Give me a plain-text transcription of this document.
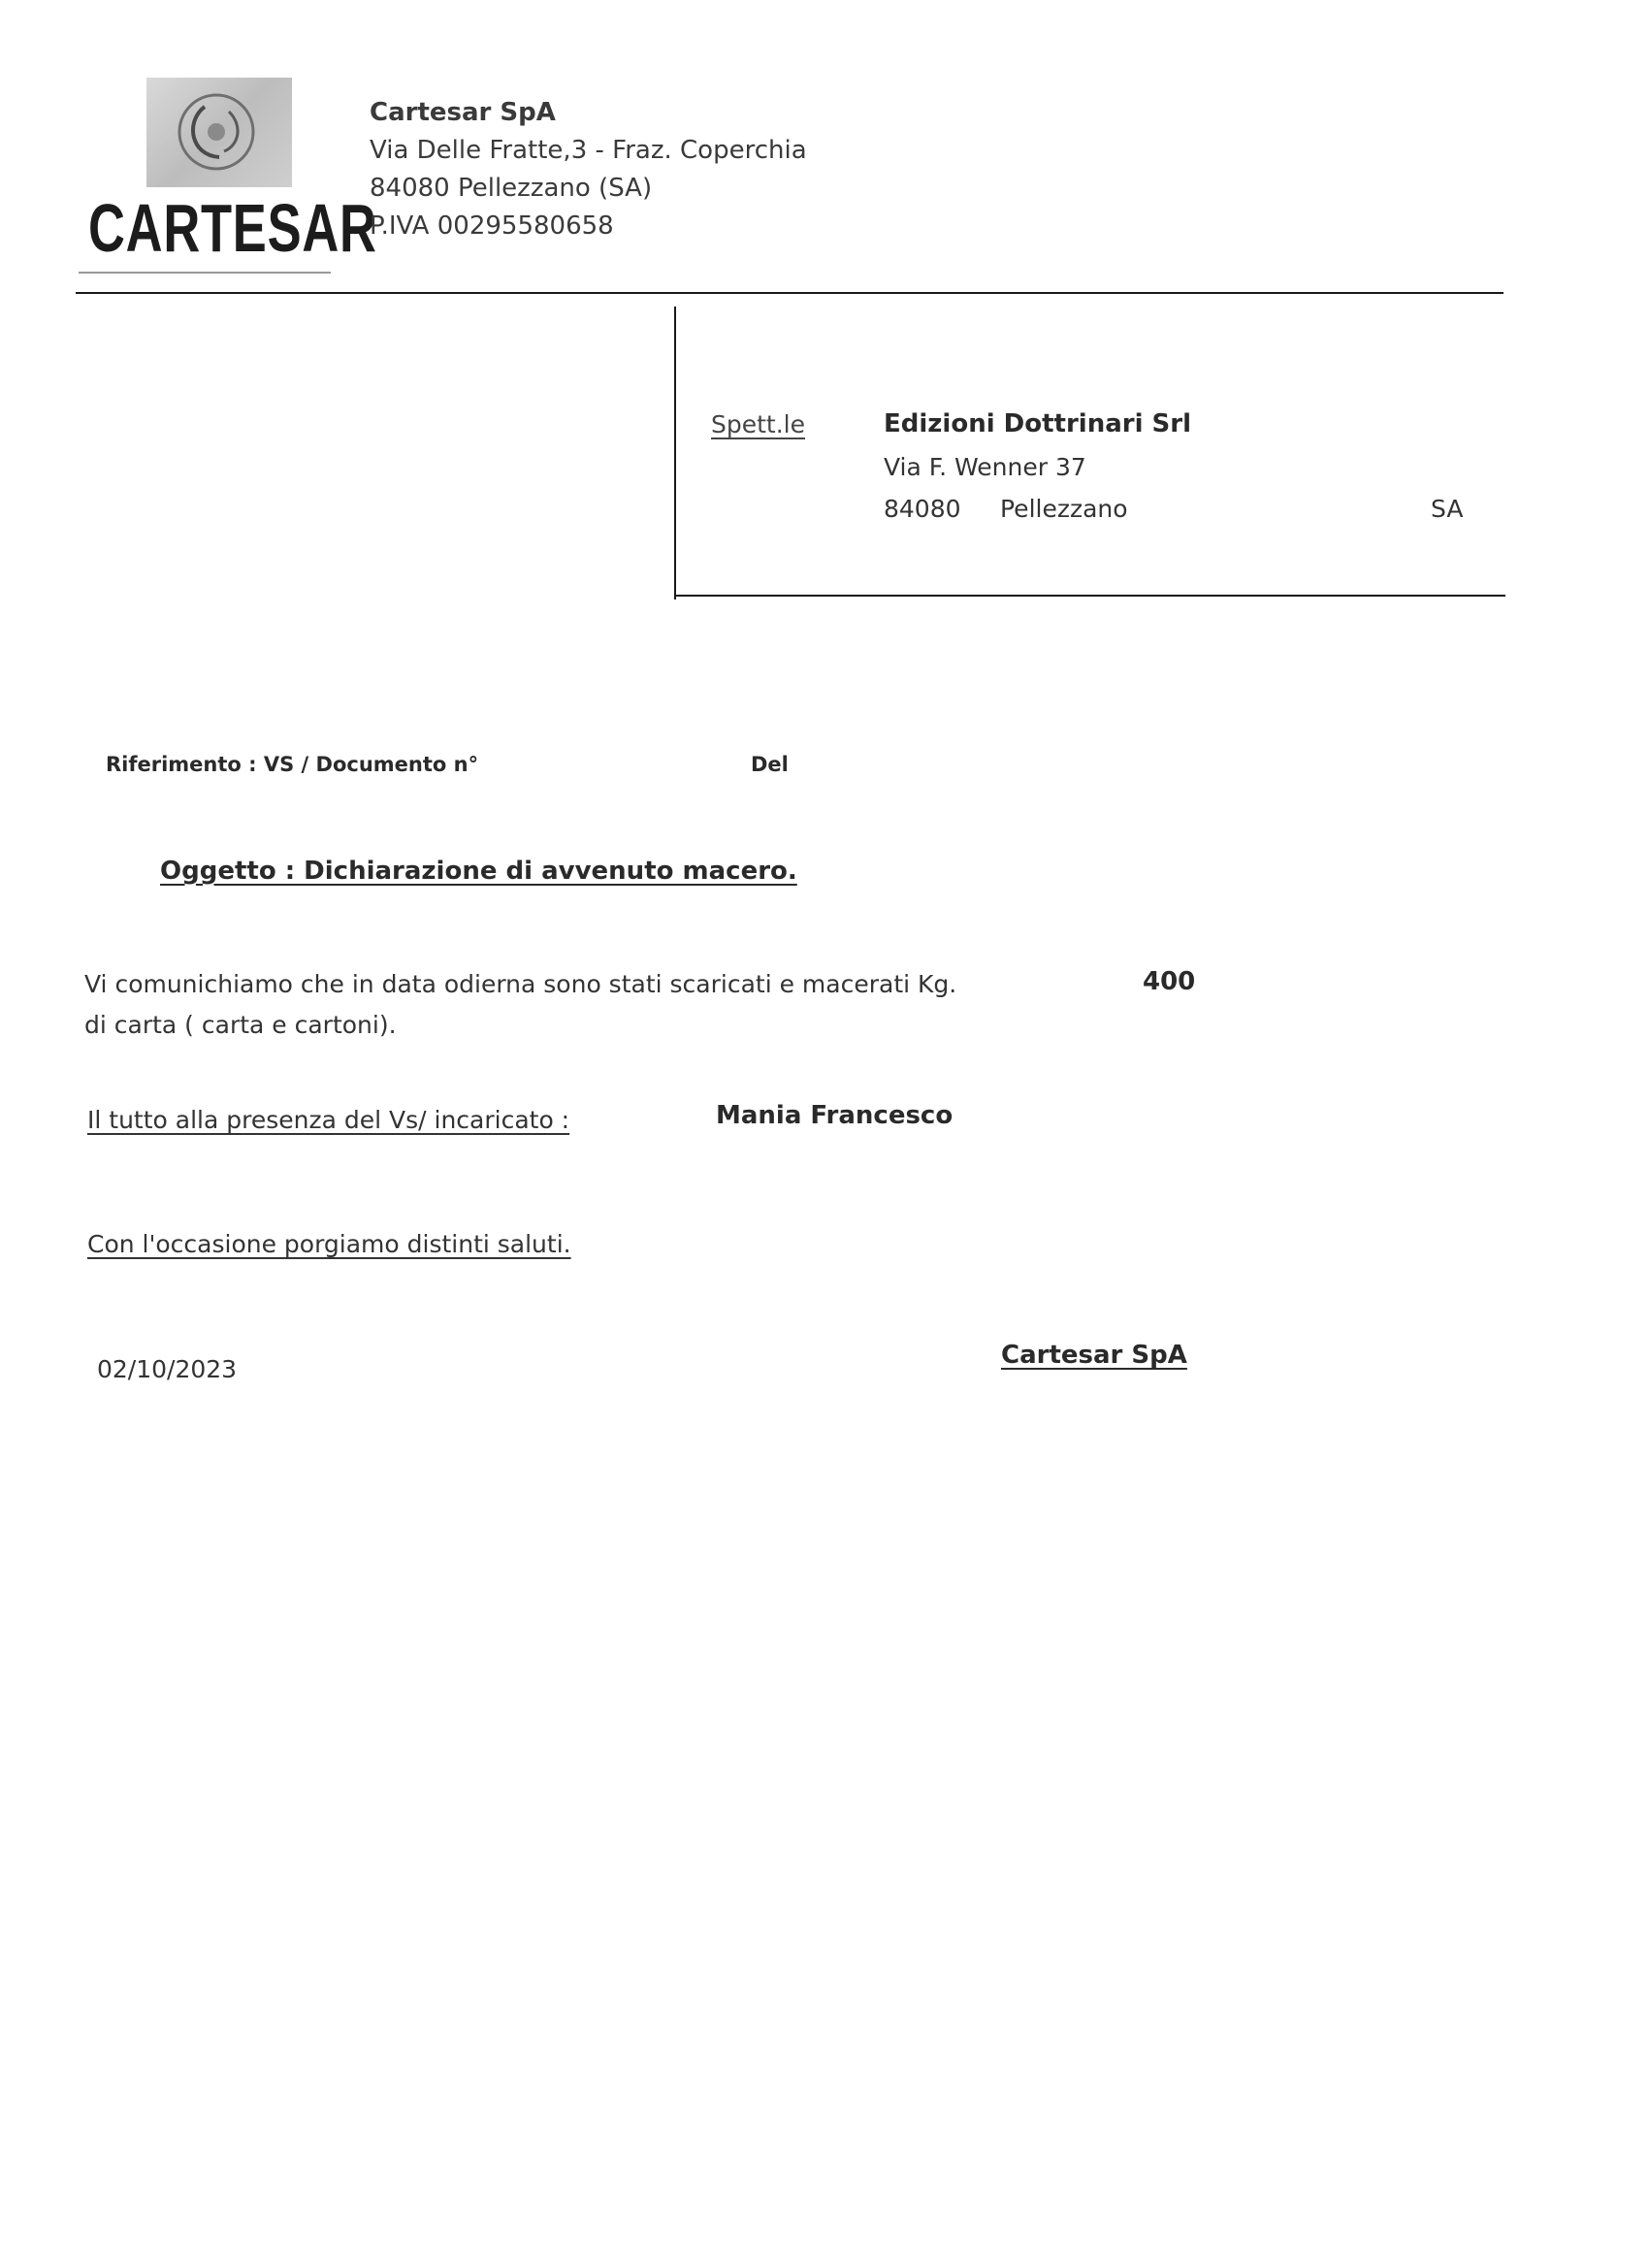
CARTESAR
Cartesar SpA
Via Delle Fratte,3 - Fraz. Coperchia
84080 Pellezzano (SA)
P.IVA 00295580658
Spett.le	Edizioni Dottrinari Srl
Via F. Wenner 37
84080 Pellezzano	SA
Riferimento : VS / Documento n°	Del
Oggetto : Dichiarazione di avvenuto macero.
Vi comunichiamo che in data odierna sono stati scaricati e macerati Kg.	400
di carta ( carta e cartoni).
Il tutto alla presenza del Vs/ incaricato :	Mania Francesco
Con l'occasione porgiamo distinti saluti.
02/10/2023	Cartesar SpA
